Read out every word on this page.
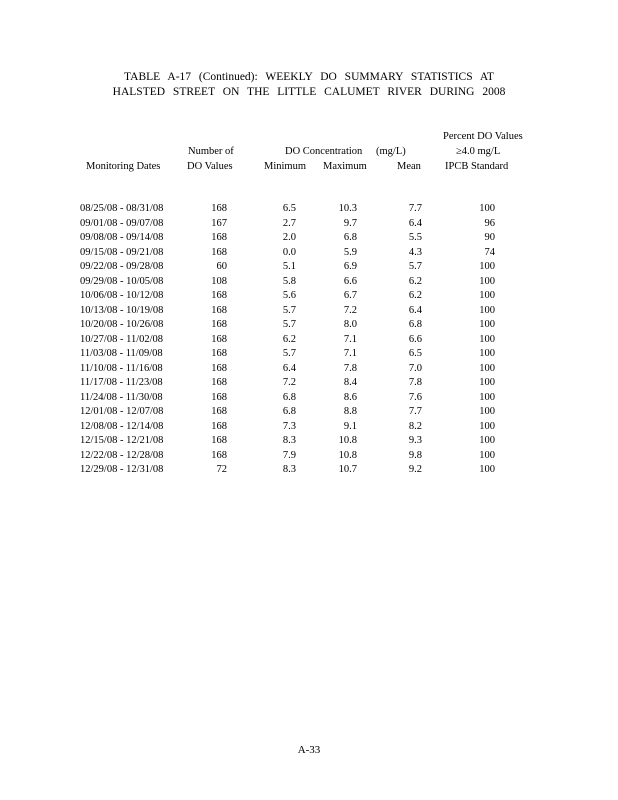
TABLE A-17 (Continued): WEEKLY DO SUMMARY STATISTICS AT
HALSTED STREET ON THE LITTLE CALUMET RIVER DURING 2008
Percent DO Values
≥4.0 mg/L
IPCB Standard
Number of
DO Values
DO Concentration (mg/L)
Monitoring Dates	Minimum Maximum	Mean
08/25/08 - 08/31/08	168	6.5	10.3	7.7	100
09/01/08 - 09/07/08	167	2.7	9.7	6.4	96
09/08/08 - 09/14/08	168	2.0	6.8	5.5	90
09/15/08 - 09/21/08	168	0.0	5.9	4.3	74
09/22/08 - 09/28/08	60	5.1	6.9	5.7	100
09/29/08 - 10/05/08	108	5.8	6.6	6.2	100
10/06/08 - 10/12/08	168	5.6	6.7	6.2	100
10/13/08 - 10/19/08	168	5.7	7.2	6.4	100
10/20/08 - 10/26/08	168	5.7	8.0	6.8	100
10/27/08 - 11/02/08	168	6.2	7.1	6.6	100
11/03/08 - 11/09/08	168	5.7	7.1	6.5	100
11/10/08 - 11/16/08	168	6.4	7.8	7.0	100
11/17/08 - 11/23/08	168	7.2	8.4	7.8	100
11/24/08 - 11/30/08	168	6.8	8.6	7.6	100
12/01/08 - 12/07/08	168	6.8	8.8	7.7	100
12/08/08 - 12/14/08	168	7.3	9.1	8.2	100
12/15/08 - 12/21/08	168	8.3	10.8	9.3	100
12/22/08 - 12/28/08	168	7.9	10.8	9.8	100
12/29/08 - 12/31/08	72	8.3	10.7	9.2	100
A-33
